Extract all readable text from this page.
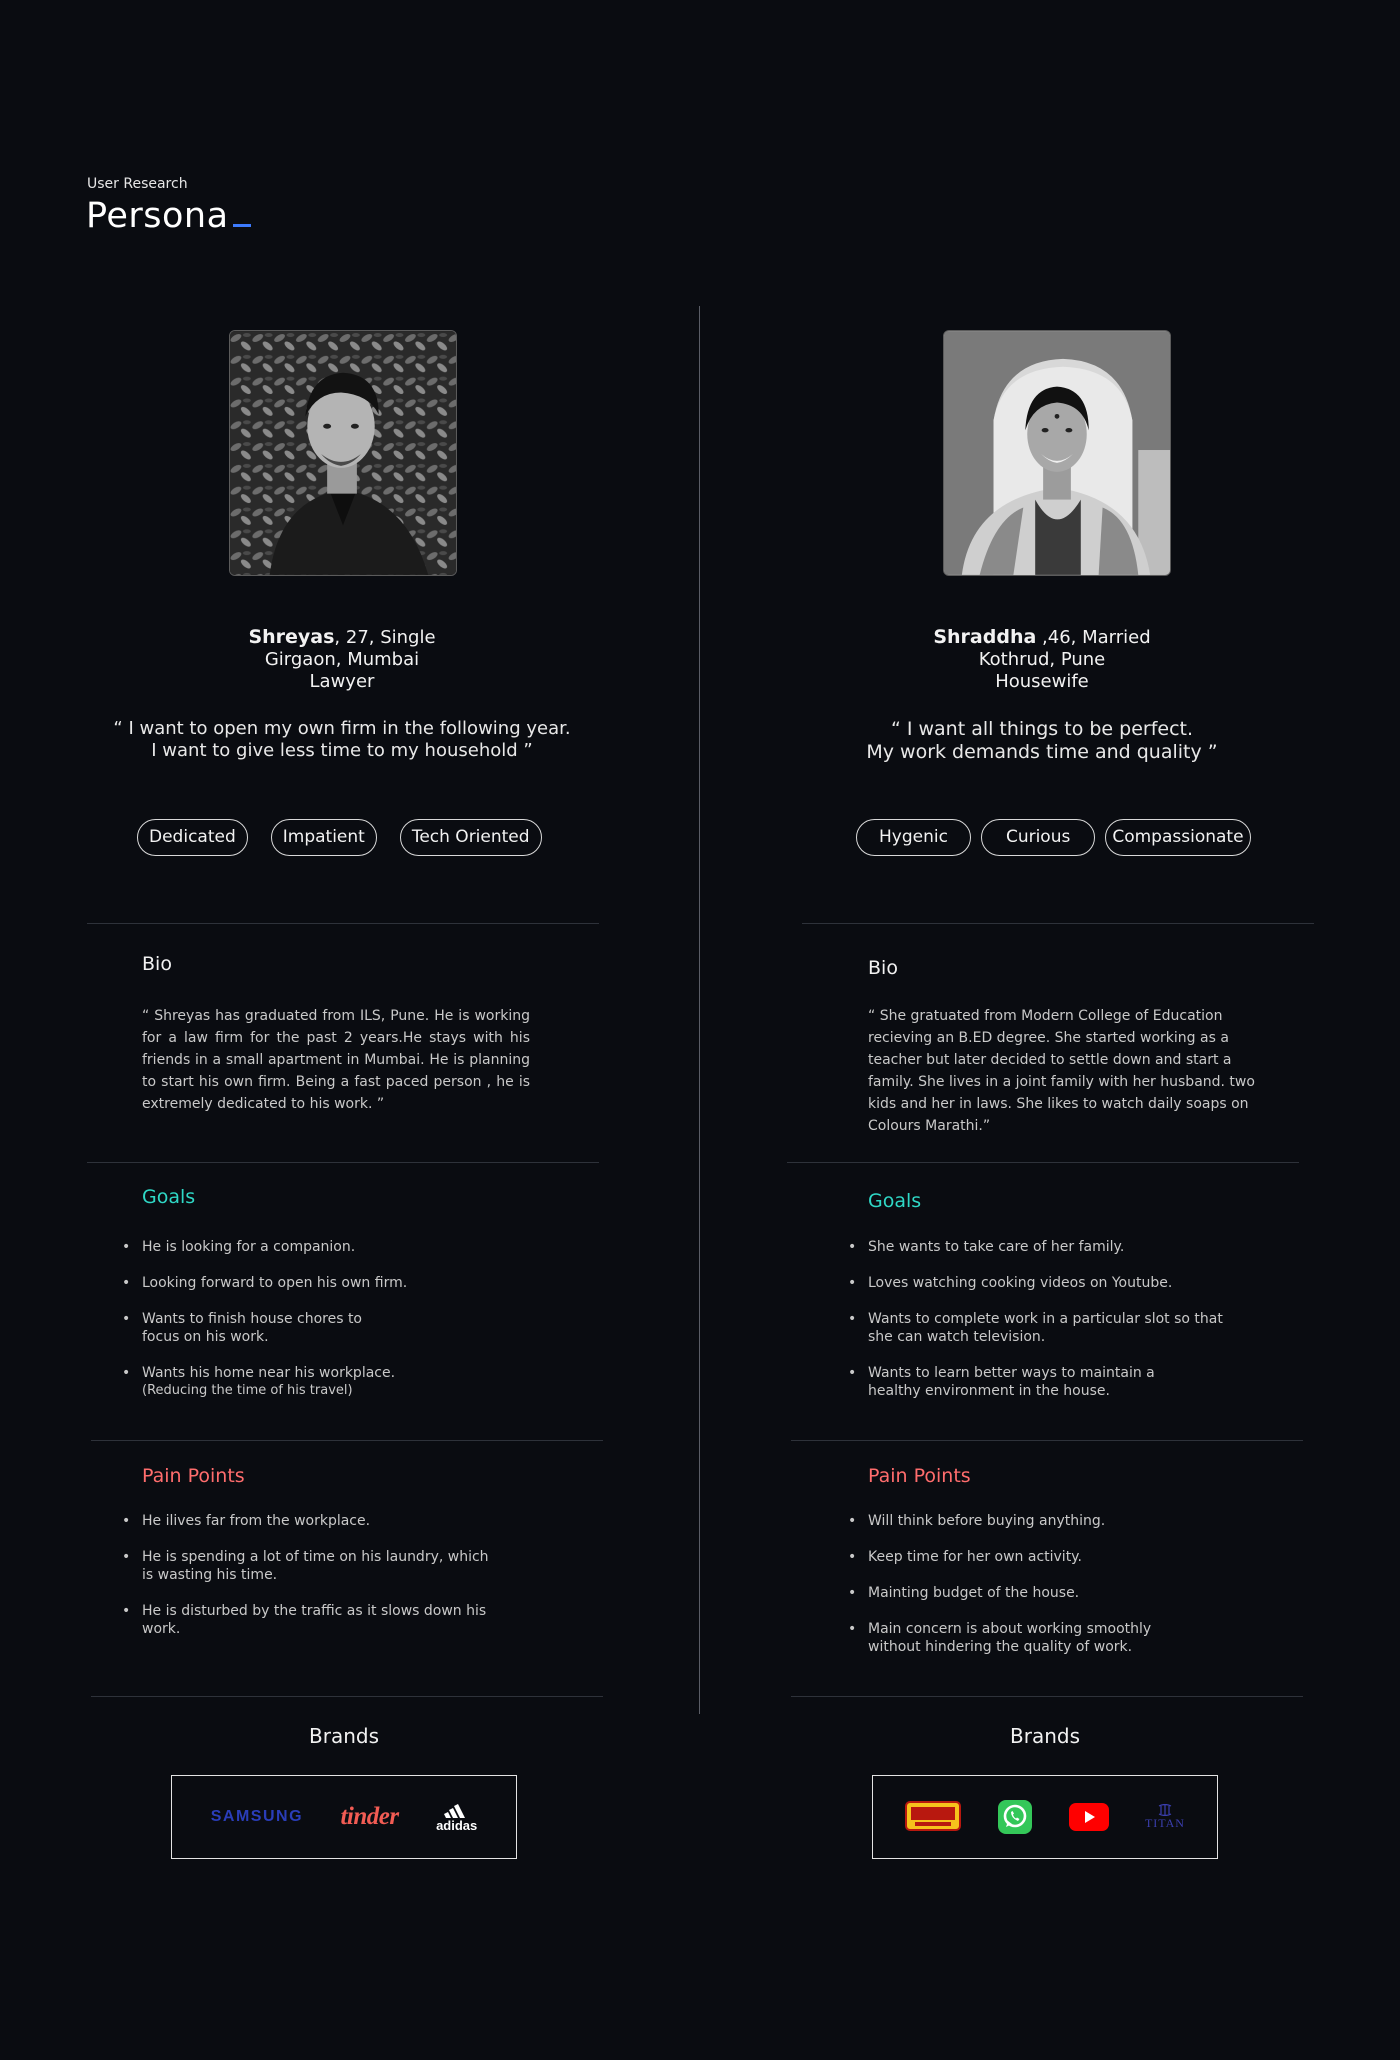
User Research
Persona
Shreyas, 27, Single
Girgaon, Mumbai
Lawyer
“ I want to open my own firm in the following year.
I want to give less time to my household ”
Dedicated	Impatient	Tech Oriented
Bio
“ Shreyas has graduated from ILS, Pune. He is working for a law firm for the past 2 years.He stays with his friends in a small apartment in Mumbai. He is planning to start his own firm. Being a fast paced person , he is extremely dedicated to his work. ”
Goals
• He is looking for a companion.
• Looking forward to open his own firm.
• Wants to finish house chores to focus on his work.
• Wants his home near his workplace.
(Reducing the time of his travel)
Pain Points
• He ilives far from the workplace.
• He is spending a lot of time on his laundry, which is wasting his time.
• He is disturbed by the traffic as it slows down his work.
Brands
SAMSUNG tinder	adidas
Shraddha ,46, Married
Kothrud, Pune
Housewife
“ I want all things to be perfect.
My work demands time and quality ”
Hygenic	Curious	Compassionate
Bio
“ She gratuated from Modern College of Education recieving an B.ED degree. She started working as a teacher but later decided to settle down and start a family. She lives in a joint family with her husband. two kids and her in laws. She likes to watch daily soaps on Colours Marathi.”
Goals
• She wants to take care of her family.
• Loves watching cooking videos on Youtube.
• Wants to complete work in a particular slot so that she can watch television.
• Wants to learn better ways to maintain a healthy environment in the house.
Pain Points
• Will think before buying anything.
• Keep time for her own activity.
• Mainting budget of the house.
• Main concern is about working smoothly without hindering the quality of work.
Brands
TITAN
